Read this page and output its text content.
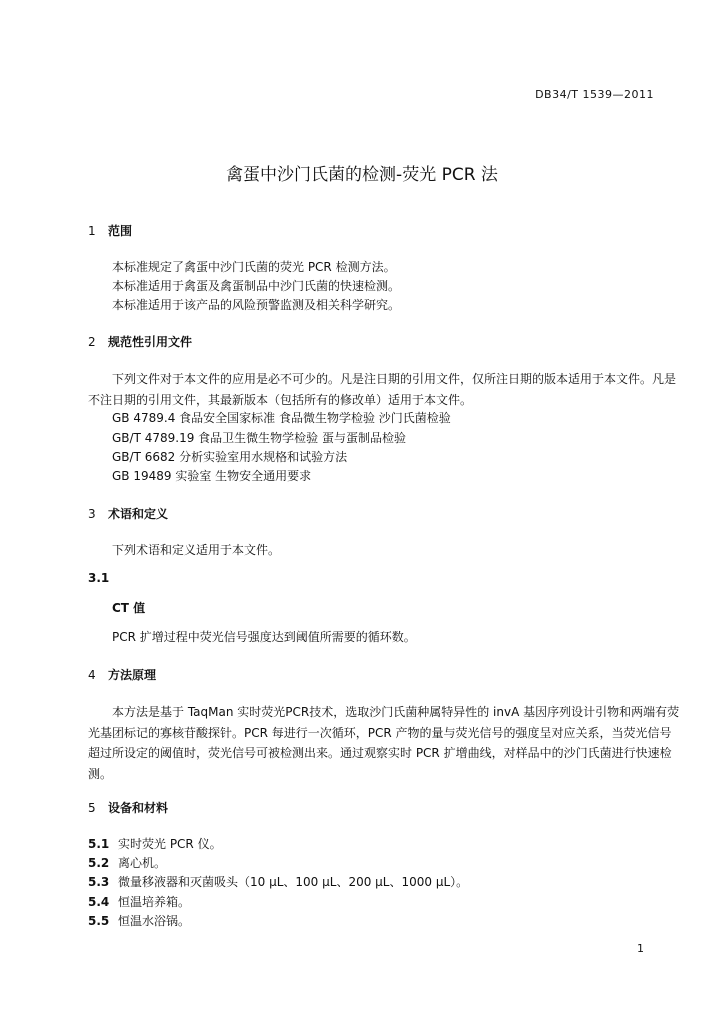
DB34/T 1539—2011
禽蛋中沙门氏菌的检测-荧光 PCR 法
1 范围
本标准规定了禽蛋中沙门氏菌的荧光 PCR 检测方法。
本标准适用于禽蛋及禽蛋制品中沙门氏菌的快速检测。
本标准适用于该产品的风险预警监测及相关科学研究。
2 规范性引用文件
下列文件对于本文件的应用是必不可少的。凡是注日期的引用文件，仅所注日期的版本适用于本文件。凡是不注日期的引用文件，其最新版本（包括所有的修改单）适用于本文件。
GB 4789.4 食品安全国家标准 食品微生物学检验 沙门氏菌检验
GB/T 4789.19 食品卫生微生物学检验 蛋与蛋制品检验
GB/T 6682 分析实验室用水规格和试验方法
GB 19489 实验室 生物安全通用要求
3 术语和定义
下列术语和定义适用于本文件。
3.1
CT 值
PCR 扩增过程中荧光信号强度达到阈值所需要的循环数。
4 方法原理
本方法是基于 TaqMan 实时荧光PCR技术，选取沙门氏菌种属特异性的 invA 基因序列设计引物和两端有荧光基团标记的寡核苷酸探针。PCR 每进行一次循环，PCR 产物的量与荧光信号的强度呈对应关系，当荧光信号超过所设定的阈值时，荧光信号可被检测出来。通过观察实时 PCR 扩增曲线，对样品中的沙门氏菌进行快速检测。
5 设备和材料
5.1 实时荧光 PCR 仪。
5.2 离心机。
5.3 微量移液器和灭菌吸头（10 μL、100 μL、200 μL、1000 μL）。
5.4 恒温培养箱。
5.5 恒温水浴锅。
1
